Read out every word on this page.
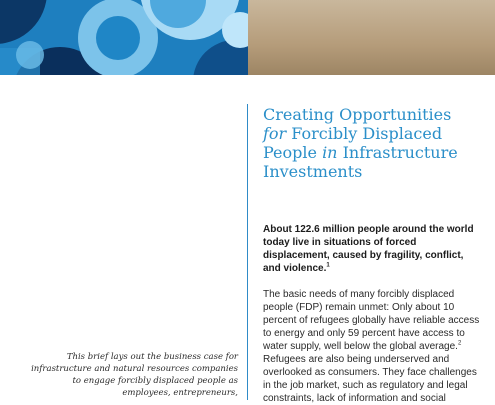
Creating Opportunities
for Forcibly Displaced
People in Infrastructure
Investments
About 122.6 million people around the world today live in situations of forced displacement, caused by fragility, conflict, and violence.$^1$
The basic needs of many forcibly displaced people (FDP) remain unmet: Only about 10 percent of refugees globally have reliable access to energy and only 59 percent have access to water supply, well below the global average.$^2$ Refugees are also being underserved and overlooked as consumers. They face challenges in the job market, such as regulatory and legal constraints, lack of information and social
This brief lays out the business case for infrastructure and natural resources companies to engage forcibly displaced people as employees, entrepreneurs,
